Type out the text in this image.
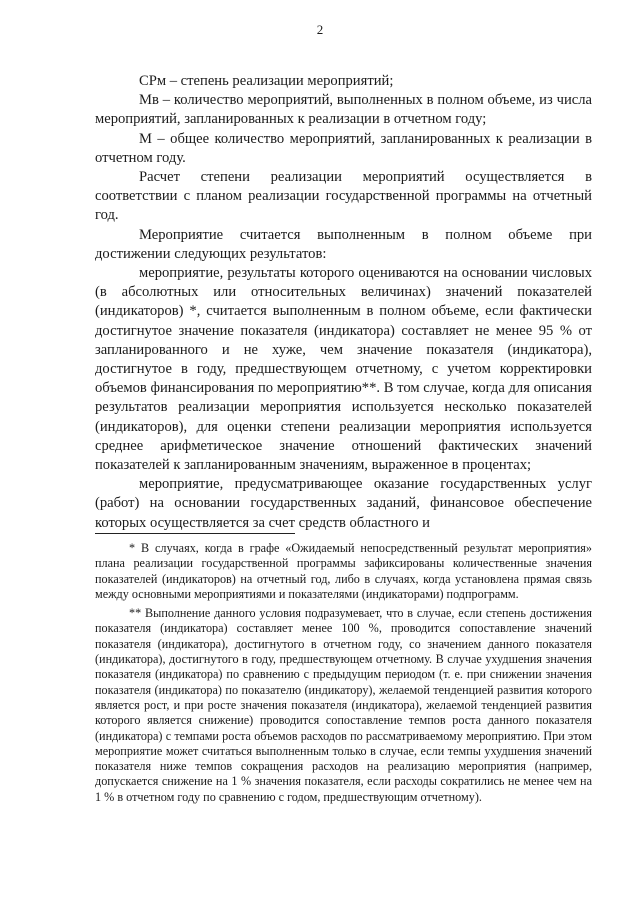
2

СРм – степень реализации мероприятий;

Мв – количество мероприятий, выполненных в полном объеме, из числа мероприятий, запланированных к реализации в отчетном году;

М – общее количество мероприятий, запланированных к реализации в отчетном году.

Расчет степени реализации мероприятий осуществляется в соответствии с планом реализации государственной программы на отчетный год.

Мероприятие считается выполненным в полном объеме при достижении следующих результатов:

мероприятие, результаты которого оцениваются на основании числовых (в абсолютных или относительных величинах) значений показателей (индикаторов) *, считается выполненным в полном объеме, если фактически достигнутое значение показателя (индикатора) составляет не менее 95 % от запланированного и не хуже, чем значение показателя (индикатора), достигнутое в году, предшествующем отчетному, с учетом корректировки объемов финансирования по мероприятию**. В том случае, когда для описания результатов реализации мероприятия используется несколько показателей (индикаторов), для оценки степени реализации мероприятия используется среднее арифметическое значение отношений фактических значений показателей к запланированным значениям, выраженное в процентах;

мероприятие, предусматривающее оказание государственных услуг (работ) на основании государственных заданий, финансовое обеспечение которых осуществляется за счет средств областного и

* В случаях, когда в графе «Ожидаемый непосредственный результат мероприятия» плана реализации государственной программы зафиксированы количественные значения показателей (индикаторов) на отчетный год, либо в случаях, когда установлена прямая связь между основными мероприятиями и показателями (индикаторами) подпрограмм.

** Выполнение данного условия подразумевает, что в случае, если степень достижения показателя (индикатора) составляет менее 100 %, проводится сопоставление значений показателя (индикатора), достигнутого в отчетном году, со значением данного показателя (индикатора), достигнутого в году, предшествующем отчетному. В случае ухудшения значения показателя (индикатора) по сравнению с предыдущим периодом (т. е. при снижении значения показателя (индикатора) по показателю (индикатору), желаемой тенденцией развития которого является рост, и при росте значения показателя (индикатора), желаемой тенденцией развития которого является снижение) проводится сопоставление темпов роста данного показателя (индикатора) с темпами роста объемов расходов по рассматриваемому мероприятию. При этом мероприятие может считаться выполненным только в случае, если темпы ухудшения значений показателя ниже темпов сокращения расходов на реализацию мероприятия (например, допускается снижение на 1 % значения показателя, если расходы сократились не менее чем на 1 % в отчетном году по сравнению с годом, предшествующим отчетному).
